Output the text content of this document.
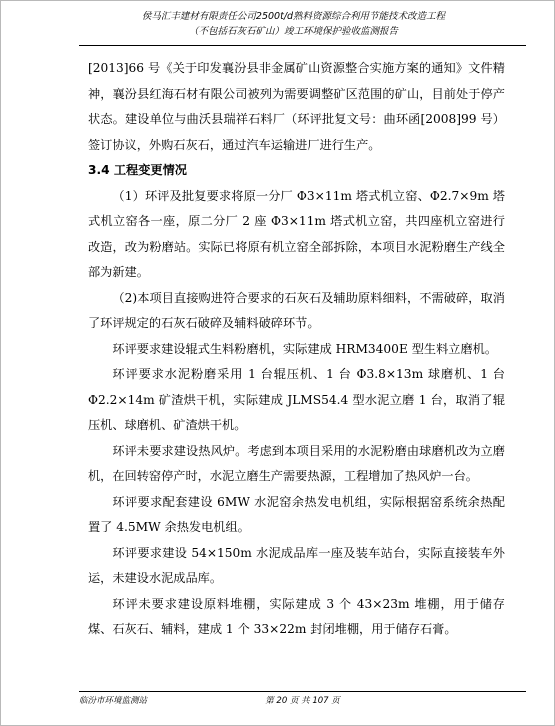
侯马汇丰建材有限责任公司2500t/d熟料资源综合利用节能技术改造工程
（不包括石灰石矿山）竣工环境保护验收监测报告

[2013]66 号《关于印发襄汾县非金属矿山资源整合实施方案的通知》文件精神，襄汾县红海石材有限公司被列为需要调整矿区范围的矿山，目前处于停产状态。建设单位与曲沃县瑞祥石料厂（环评批复文号：曲环函[2008]99 号）签订协议，外购石灰石，通过汽车运输进厂进行生产。

3.4 工程变更情况

（1）环评及批复要求将原一分厂 Φ3×11m 塔式机立窑、Φ2.7×9m 塔式机立窑各一座，原二分厂 2 座 Φ3×11m 塔式机立窑，共四座机立窑进行改造，改为粉磨站。实际已将原有机立窑全部拆除，本项目水泥粉磨生产线全部为新建。

（2)本项目直接购进符合要求的石灰石及辅助原料细料，不需破碎，取消了环评规定的石灰石破碎及辅料破碎环节。

环评要求建设辊式生料粉磨机，实际建成 HRM3400E 型生料立磨机。

环评要求水泥粉磨采用 1 台辊压机、1 台 Φ3.8×13m 球磨机、1 台 Φ2.2×14m 矿渣烘干机，实际建成 JLMS54.4 型水泥立磨 1 台，取消了辊压机、球磨机、矿渣烘干机。

环评未要求建设热风炉。考虑到本项目采用的水泥粉磨由球磨机改为立磨机，在回转窑停产时，水泥立磨生产需要热源，工程增加了热风炉一台。

环评要求配套建设 6MW 水泥窑余热发电机组，实际根据窑系统余热配置了 4.5MW 余热发电机组。

环评要求建设 54×150m 水泥成品库一座及装车站台，实际直接装车外运，未建设水泥成品库。

环评未要求建设原料堆棚，实际建成 3 个 43×23m 堆棚，用于储存煤、石灰石、辅料，建成 1 个 33×22m 封闭堆棚，用于储存石膏。

临汾市环境监测站	第 20 页 共 107 页
